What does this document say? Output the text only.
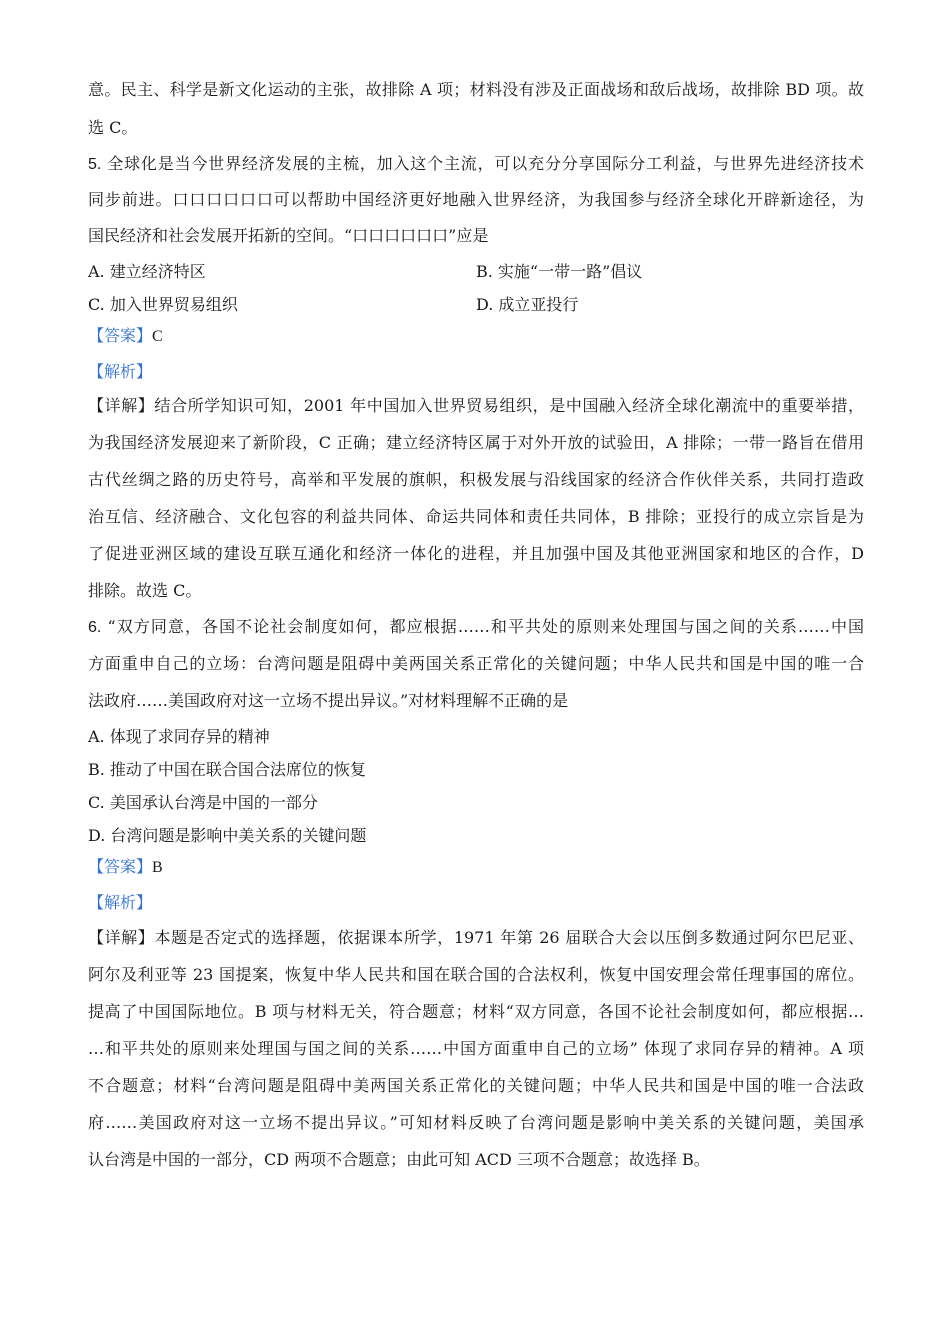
意。民主、科学是新文化运动的主张，故排除 A 项；材料没有涉及正面战场和敌后战场，故排除 BD 项。故
选 C。
5. 全球化是当今世界经济发展的主梳，加入这个主流，可以充分分享国际分工利益，与世界先进经济技术
同步前进。口口口口口口可以帮助中国经济更好地融入世界经济，为我国参与经济全球化开辟新途径，为
国民经济和社会发展开拓新的空间。“口口口口口口”应是
A. 建立经济特区	B. 实施“一带一路”倡议
C. 加入世界贸易组织	D. 成立亚投行
【答案】C
【解析】
【详解】结合所学知识可知，2001 年中国加入世界贸易组织，是中国融入经济全球化潮流中的重要举措，
为我国经济发展迎来了新阶段，C 正确；建立经济特区属于对外开放的试验田，A 排除；一带一路旨在借用
古代丝绸之路的历史符号，高举和平发展的旗帜，积极发展与沿线国家的经济合作伙伴关系，共同打造政
治互信、经济融合、文化包容的利益共同体、命运共同体和责任共同体，B 排除；亚投行的成立宗旨是为
了促进亚洲区域的建设互联互通化和经济一体化的进程，并且加强中国及其他亚洲国家和地区的合作，D
排除。故选 C。
6. “双方同意，各国不论社会制度如何，都应根据……和平共处的原则来处理国与国之间的关系……中国
方面重申自己的立场：台湾问题是阻碍中美两国关系正常化的关键问题；中华人民共和国是中国的唯一合
法政府……美国政府对这一立场不提出异议。”对材料理解不正确的是
A. 体现了求同存异的精神
B. 推动了中国在联合国合法席位的恢复
C. 美国承认台湾是中国的一部分
D. 台湾问题是影响中美关系的关键问题
【答案】B
【解析】
【详解】本题是否定式的选择题，依据课本所学，1971 年第 26 届联合大会以压倒多数通过阿尔巴尼亚、
阿尔及利亚等 23 国提案，恢复中华人民共和国在联合国的合法权利，恢复中国安理会常任理事国的席位。
提高了中国国际地位。B 项与材料无关，符合题意；材料“双方同意，各国不论社会制度如何，都应根据…
…和平共处的原则来处理国与国之间的关系……中国方面重申自己的立场” 体现了求同存异的精神。A 项
不合题意；材料“台湾问题是阻碍中美两国关系正常化的关键问题；中华人民共和国是中国的唯一合法政
府……美国政府对这一立场不提出异议。”可知材料反映了台湾问题是影响中美关系的关键问题，美国承
认台湾是中国的一部分，CD 两项不合题意；由此可知 ACD 三项不合题意；故选择 B。
